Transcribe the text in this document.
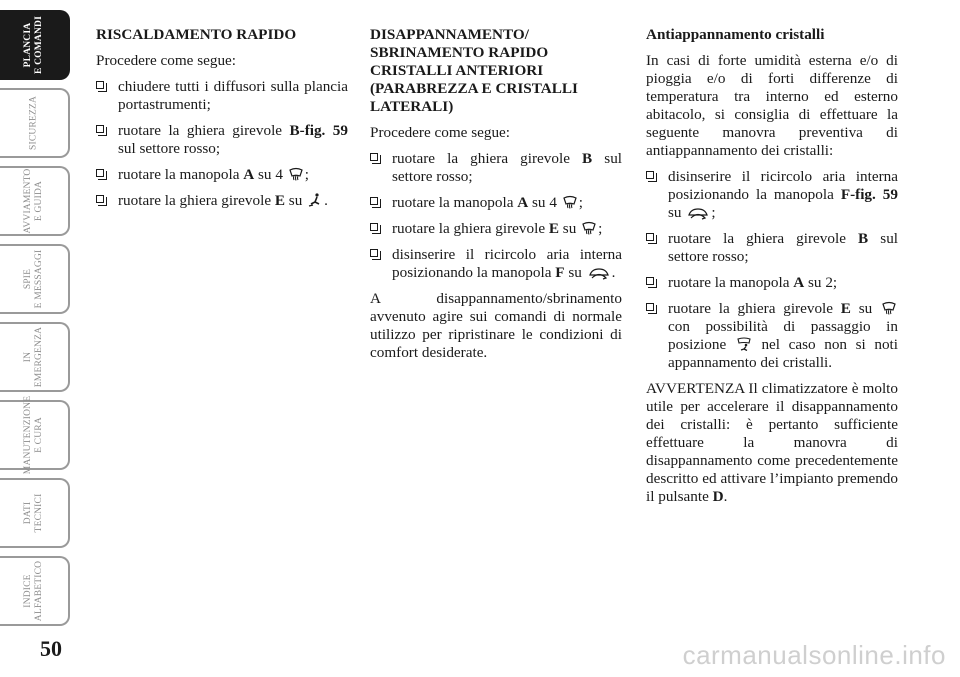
PLANCIA E COMANDI
SICUREZZA
AVVIAMENTO E GUIDA
SPIE E MESSAGGI
IN EMERGENZA
MANUTENZIONE E CURA
DATI TECNICI
INDICE ALFABETICO
50	carmanualsonline.info

RISCALDAMENTO RAPIDO

Procedere come segue:

chiudere tutti i diffusori sulla plancia portastrumenti;
ruotare la ghiera girevole B-fig. 59 sul settore rosso;
ruotare la manopola A su 4 ;
ruotare la ghiera girevole E su .

DISAPPANNAMENTO/
SBRINAMENTO RAPIDO
CRISTALLI ANTERIORI
(PARABREZZA E CRISTALLI
LATERALI)

Procedere come segue:

ruotare la ghiera girevole B sul settore rosso;
ruotare la manopola A su 4 ;
ruotare la ghiera girevole E su ;
disinserire il ricircolo aria interna posizionando la manopola F su .

A disappannamento/sbrinamento avvenuto agire sui comandi di normale utilizzo per ripristinare le condizioni di comfort desiderate.

Antiappannamento cristalli

In casi di forte umidità esterna e/o di pioggia e/o di forti differenze di temperatura tra interno ed esterno abitacolo, si consiglia di effettuare la seguente manovra preventiva di antiappannamento dei cristalli:

disinserire il ricircolo aria interna posizionando la manopola F-fig. 59 su ;
ruotare la ghiera girevole B sul settore rosso;
ruotare la manopola A su 2;
ruotare la ghiera girevole E su  con possibilità di passaggio in posizione  nel caso non si noti appannamento dei cristalli.

AVVERTENZA Il climatizzatore è molto utile per accelerare il disappannamento dei cristalli: è pertanto sufficiente effettuare la manovra di disappannamento come precedentemente descritto ed attivare l’impianto premendo il pulsante D.
